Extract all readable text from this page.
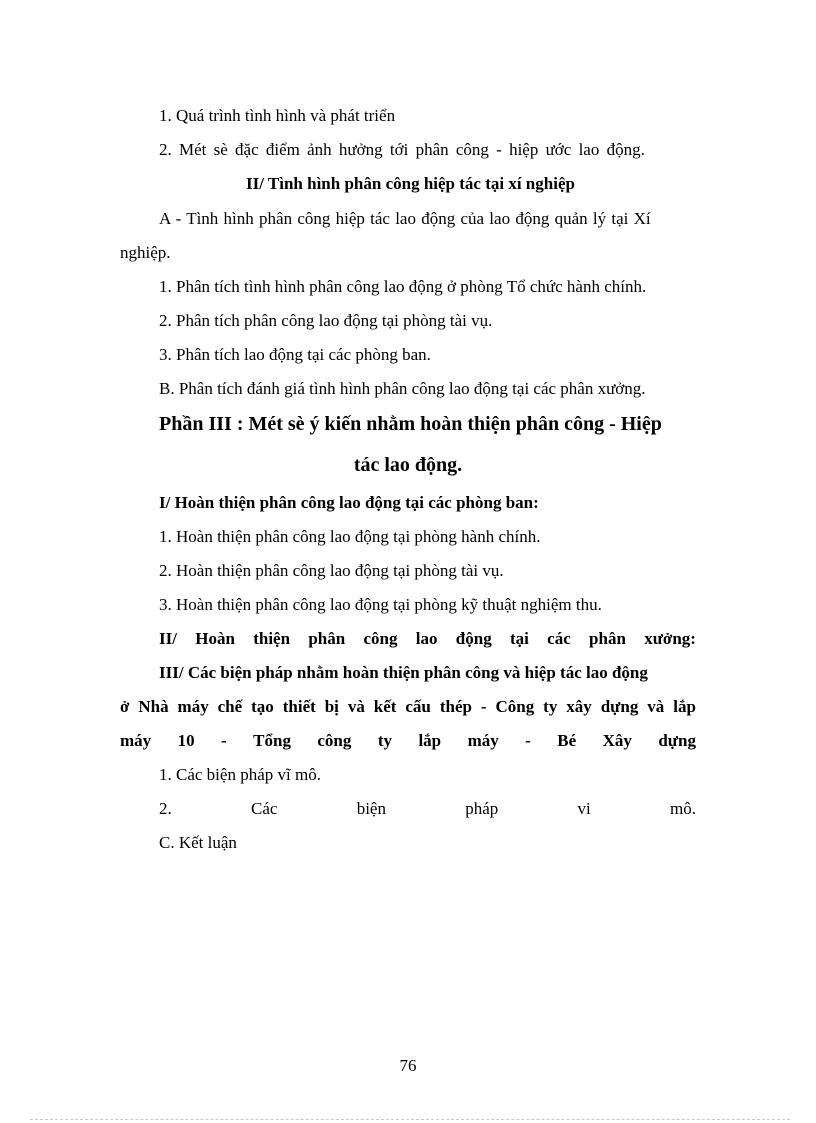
1. Quá trình tình hình và phát triển
2. Mét sè đặc điểm ảnh hưởng tới phân công - hiệp ước lao động.
II/ Tình hình phân công hiệp tác tại xí nghiệp
A - Tình hình phân công hiệp tác lao động của lao động quản lý tại Xí
nghiệp.
1. Phân tích tình hình phân công lao động ở phòng Tổ chức hành chính.
2. Phân tích phân công lao động tại phòng tài vụ.
3. Phân tích lao động tại các phòng ban.
B. Phân tích đánh giá tình hình phân công lao động tại các phân xưởng.
Phần III : Mét sè ý kiến nhằm hoàn thiện phân công - Hiệp
tác lao động.
I/ Hoàn thiện phân công lao động tại các phòng ban:
1. Hoàn thiện phân công lao động tại phòng hành chính.
2. Hoàn thiện phân công lao động tại phòng tài vụ.
3. Hoàn thiện phân công lao động tại phòng kỹ thuật nghiệm thu.
II/ Hoàn thiện phân công lao động tại các phân xưởng:
III/ Các biện pháp nhằm hoàn thiện phân công và hiệp tác lao động
ở Nhà máy chế tạo thiết bị và kết cấu thép - Công ty xây dựng và lắp
máy 10 - Tổng công ty lắp máy - Bé Xây dựng
1. Các biện pháp vĩ mô.
2.	Các	biện	pháp	vi	mô.
C. Kết luận
76
